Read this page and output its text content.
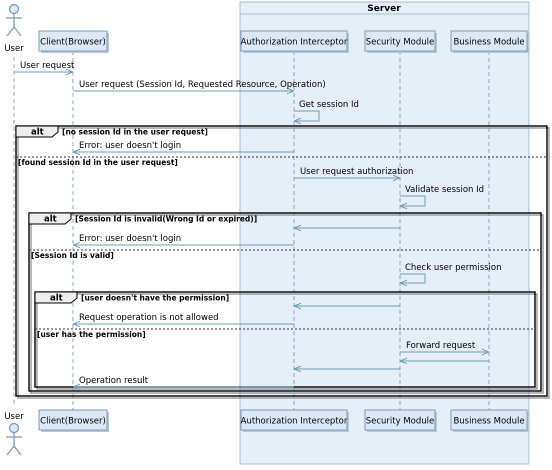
Server
alt [no session Id in the user request]
[found session Id in the user request]
alt [Session Id is invalid(Wrong Id or expired)]
[Session Id is valid]
alt [user doesn't have the permission]
[user has the permission]
User request
User request (Session Id, Requested Resource, Operation)
Get session Id
Error: user doesn't login
User request authorization
Validate session Id
Error: user doesn't login
Check user permission
Request operation is not allowed
Forward request
Operation result
User
User
Client(Browser)
Client(Browser)
Authorization Interceptor
Authorization Interceptor
Security Module
Security Module
Business Module
Business Module
